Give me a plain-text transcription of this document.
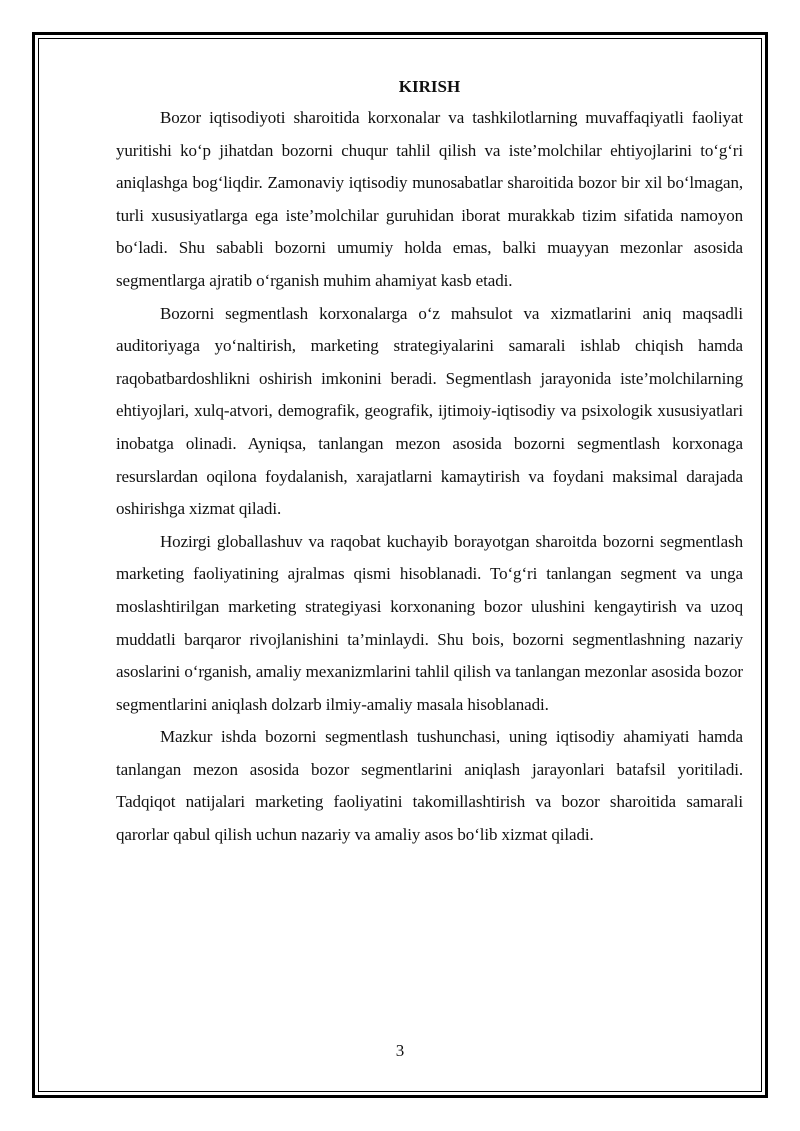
KIRISH

Bozor iqtisodiyoti sharoitida korxonalar va tashkilotlarning muvaffaqiyatli faoliyat yuritishi ko‘p jihatdan bozorni chuqur tahlil qilish va iste’molchilar ehtiyojlarini to‘g‘ri aniqlashga bog‘liqdir. Zamonaviy iqtisodiy munosabatlar sharoitida bozor bir xil bo‘lmagan, turli xususiyatlarga ega iste’molchilar guruhidan iborat murakkab tizim sifatida namoyon bo‘ladi. Shu sababli bozorni umumiy holda emas, balki muayyan mezonlar asosida segmentlarga ajratib o‘rganish muhim ahamiyat kasb etadi.

Bozorni segmentlash korxonalarga o‘z mahsulot va xizmatlarini aniq maqsadli auditoriyaga yo‘naltirish, marketing strategiyalarini samarali ishlab chiqish hamda raqobatbardoshlikni oshirish imkonini beradi. Segmentlash jarayonida iste’molchilarning ehtiyojlari, xulq-atvori, demografik, geografik, ijtimoiy-iqtisodiy va psixologik xususiyatlari inobatga olinadi. Ayniqsa, tanlangan mezon asosida bozorni segmentlash korxonaga resurslardan oqilona foydalanish, xarajatlarni kamaytirish va foydani maksimal darajada oshirishga xizmat qiladi.

Hozirgi globallashuv va raqobat kuchayib borayotgan sharoitda bozorni segmentlash marketing faoliyatining ajralmas qismi hisoblanadi. To‘g‘ri tanlangan segment va unga moslashtirilgan marketing strategiyasi korxonaning bozor ulushini kengaytirish va uzoq muddatli barqaror rivojlanishini ta’minlaydi. Shu bois, bozorni segmentlashning nazariy asoslarini o‘rganish, amaliy mexanizmlarini tahlil qilish va tanlangan mezonlar asosida bozor segmentlarini aniqlash dolzarb ilmiy-amaliy masala hisoblanadi.

Mazkur ishda bozorni segmentlash tushunchasi, uning iqtisodiy ahamiyati hamda tanlangan mezon asosida bozor segmentlarini aniqlash jarayonlari batafsil yoritiladi. Tadqiqot natijalari marketing faoliyatini takomillashtirish va bozor sharoitida samarali qarorlar qabul qilish uchun nazariy va amaliy asos bo‘lib xizmat qiladi.

3
